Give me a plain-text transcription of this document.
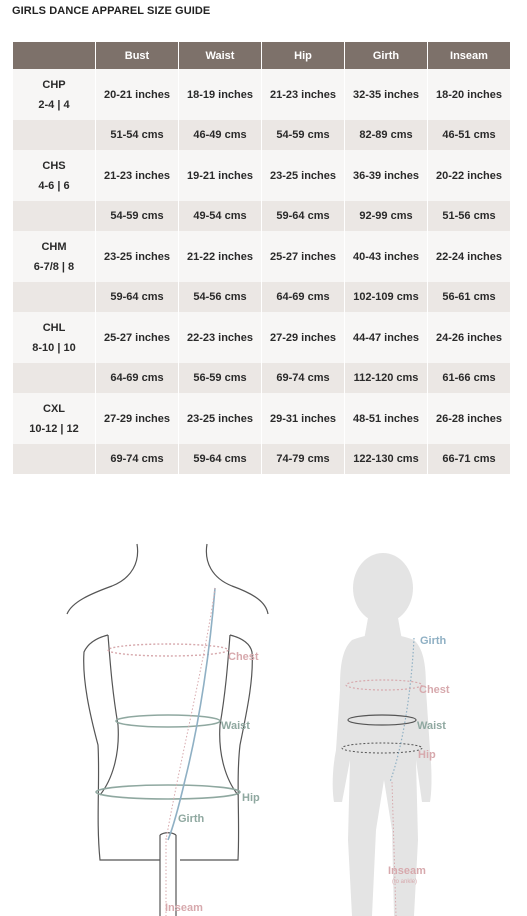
GIRLS DANCE APPAREL SIZE GUIDE
	Bust	Waist	Hip	Girth	Inseam

CHP
2-4 | 4	20-21 inches	18-19 inches	21-23 inches	32-35 inches	18-20 inches
	51-54 cms	46-49 cms	54-59 cms	82-89 cms	46-51 cms

CHS
4-6 | 6	21-23 inches	19-21 inches	23-25 inches	36-39 inches	20-22 inches
	54-59 cms	49-54 cms	59-64 cms	92-99 cms	51-56 cms

CHM
6-7/8 | 8	23-25 inches	21-22 inches	25-27 inches	40-43 inches	22-24 inches
	59-64 cms	54-56 cms	64-69 cms	102-109 cms	56-61 cms

CHL
8-10 | 10	25-27 inches	22-23 inches	27-29 inches	44-47 inches	24-26 inches
	64-69 cms	56-59 cms	69-74 cms	112-120 cms	61-66 cms

CXL
10-12 | 12	27-29 inches	23-25 inches	29-31 inches	48-51 inches	26-28 inches
	69-74 cms	59-64 cms	74-79 cms	122-130 cms	66-71 cms
Chest
Waist
Hip
Girth
Inseam
Girth
Chest
Waist
Hip
Inseam
(to ankle)
